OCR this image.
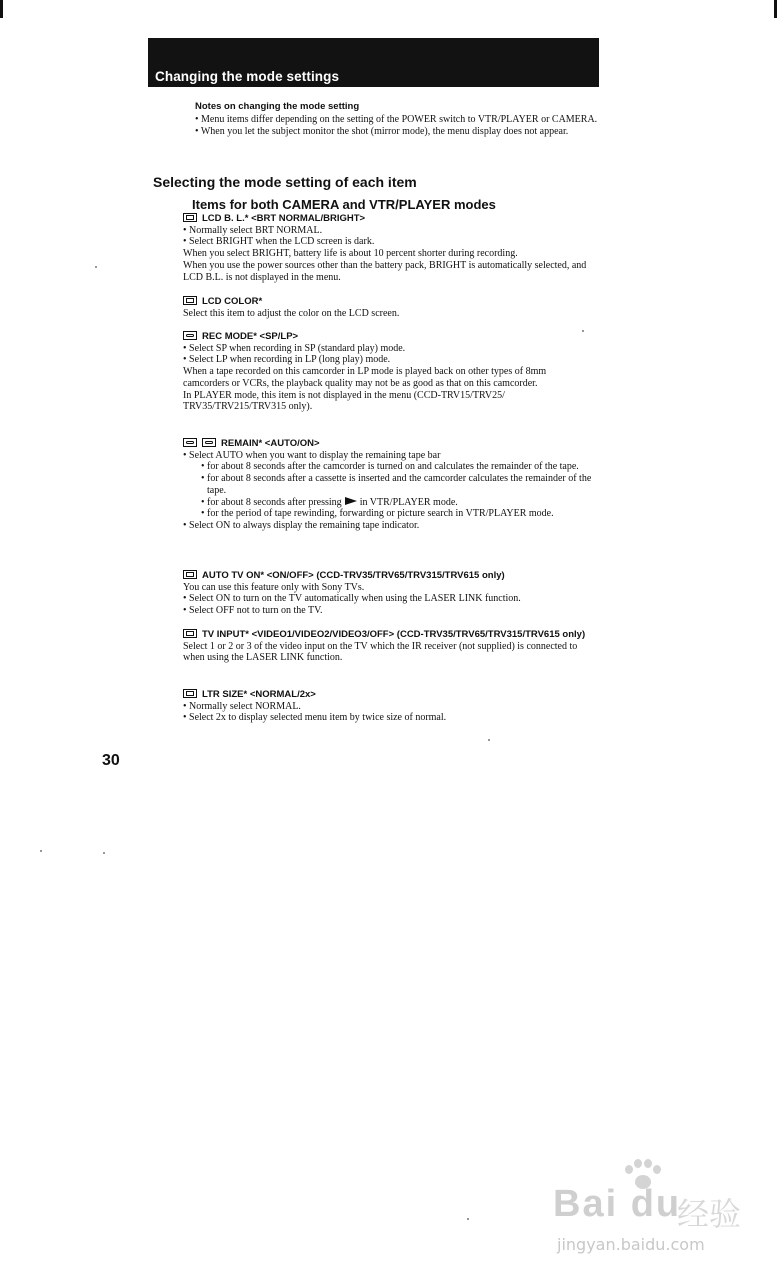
Changing the mode settings

Notes on changing the mode setting

• Menu items differ depending on the setting of the POWER switch to VTR/PLAYER or CAMERA.

• When you let the subject monitor the shot (mirror mode), the menu display does not appear.

Selecting the mode setting of each item
Items for both CAMERA and VTR/PLAYER modes

LCD B. L.* <BRT NORMAL/BRIGHT>

• Normally select BRT NORMAL.

• Select BRIGHT when the LCD screen is dark.

When you select BRIGHT, battery life is about 10 percent shorter during recording.

When you use the power sources other than the battery pack, BRIGHT is automatically selected, and LCD B.L. is not displayed in the menu.

LCD COLOR*

Select this item to adjust the color on the LCD screen.

REC MODE* <SP/LP>

• Select SP when recording in SP (standard play) mode.

• Select LP when recording in LP (long play) mode.

When a tape recorded on this camcorder in LP mode is played back on other types of 8mm camcorders or VCRs, the playback quality may not be as good as that on this camcorder.

In PLAYER mode, this item is not displayed in the menu (CCD-TRV15/TRV25/ TRV35/TRV215/TRV315 only).

REMAIN* <AUTO/ON>

• Select AUTO when you want to display the remaining tape bar

• for about 8 seconds after the camcorder is turned on and calculates the remainder of the tape.

• for about 8 seconds after a cassette is inserted and the camcorder calculates the remainder of the tape.

• for about 8 seconds after pressing in VTR/PLAYER mode.

• for the period of tape rewinding, forwarding or picture search in VTR/PLAYER mode.

• Select ON to always display the remaining tape indicator.

AUTO TV ON* <ON/OFF> (CCD-TRV35/TRV65/TRV315/TRV615 only)

You can use this feature only with Sony TVs.

• Select ON to turn on the TV automatically when using the LASER LINK function.

• Select OFF not to turn on the TV.

TV INPUT* <VIDEO1/VIDEO2/VIDEO3/OFF> (CCD-TRV35/TRV65/TRV315/TRV615 only)

Select 1 or 2 or 3 of the video input on the TV which the IR receiver (not supplied) is connected to when using the LASER LINK function.

LTR SIZE* <NORMAL/2x>

• Normally select NORMAL.

• Select 2x to display selected menu item by twice size of normal.

30

Bai du
经验
jingyan.baidu.com
